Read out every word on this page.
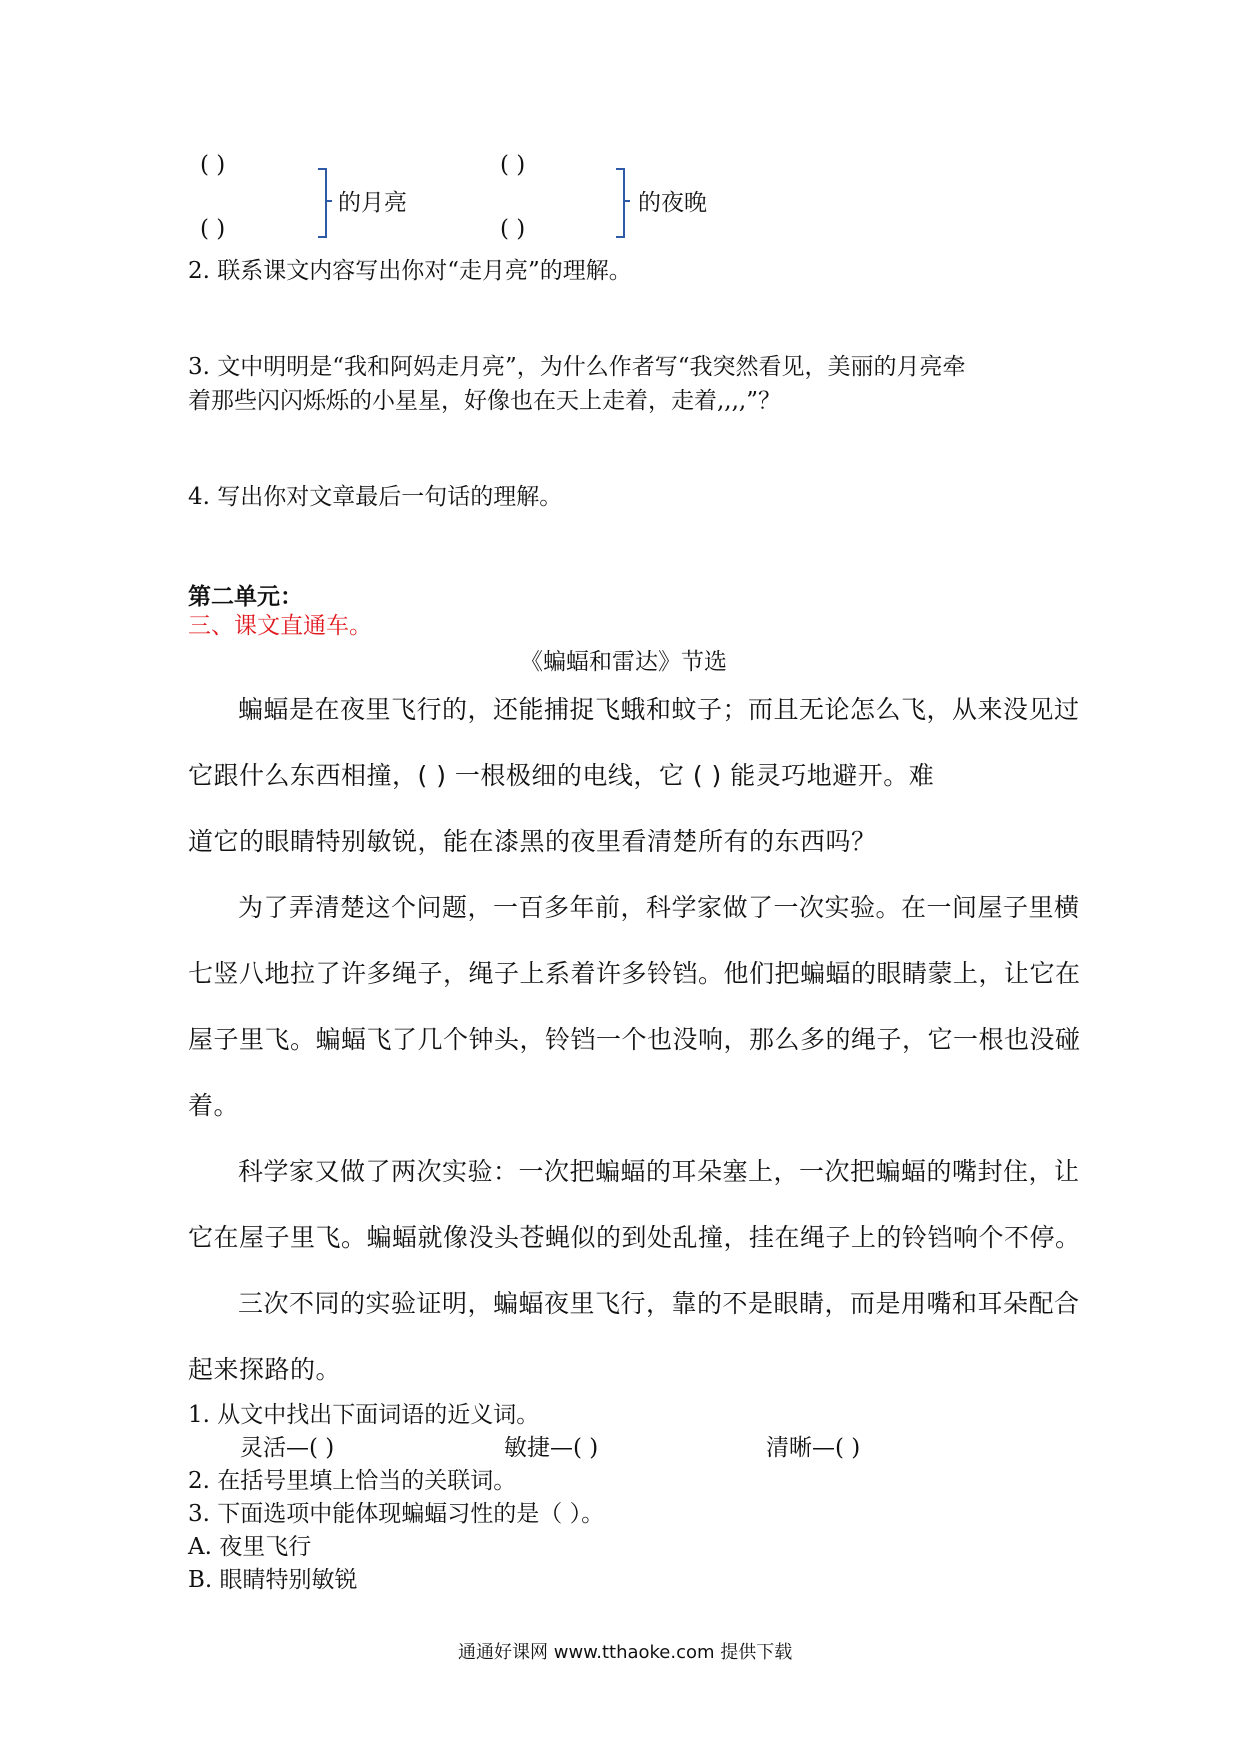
( )
( )
的月亮
( )
( )
的夜晚
2. 联系课文内容写出你对“走月亮”的理解。
3. 文中明明是“我和阿妈走月亮”，为什么作者写“我突然看见，美丽的月亮牵
着那些闪闪烁烁的小星星，好像也在天上走着，走着,,,,”？
4. 写出你对文章最后一句话的理解。
第二单元：
三、课文直通车。
《蝙蝠和雷达》节选
蝙蝠是在夜里飞行的，还能捕捉飞蛾和蚊子；而且无论怎么飞，从来没见过
它跟什么东西相撞，( ) 一根极细的电线，它 ( ) 能灵巧地避开。难
道它的眼睛特别敏锐，能在漆黑的夜里看清楚所有的东西吗？
为了弄清楚这个问题，一百多年前，科学家做了一次实验。在一间屋子里横
七竖八地拉了许多绳子，绳子上系着许多铃铛。他们把蝙蝠的眼睛蒙上，让它在
屋子里飞。蝙蝠飞了几个钟头，铃铛一个也没响，那么多的绳子，它一根也没碰
着。
科学家又做了两次实验：一次把蝙蝠的耳朵塞上，一次把蝙蝠的嘴封住，让
它在屋子里飞。蝙蝠就像没头苍蝇似的到处乱撞，挂在绳子上的铃铛响个不停。
三次不同的实验证明，蝙蝠夜里飞行，靠的不是眼睛，而是用嘴和耳朵配合
起来探路的。
1. 从文中找出下面词语的近义词。
灵活—( )	敏捷—( )	清晰—( )
2. 在括号里填上恰当的关联词。
3. 下面选项中能体现蝙蝠习性的是（ ）。
A. 夜里飞行
B. 眼睛特别敏锐
通通好课网 www.tthaoke.com 提供下载
